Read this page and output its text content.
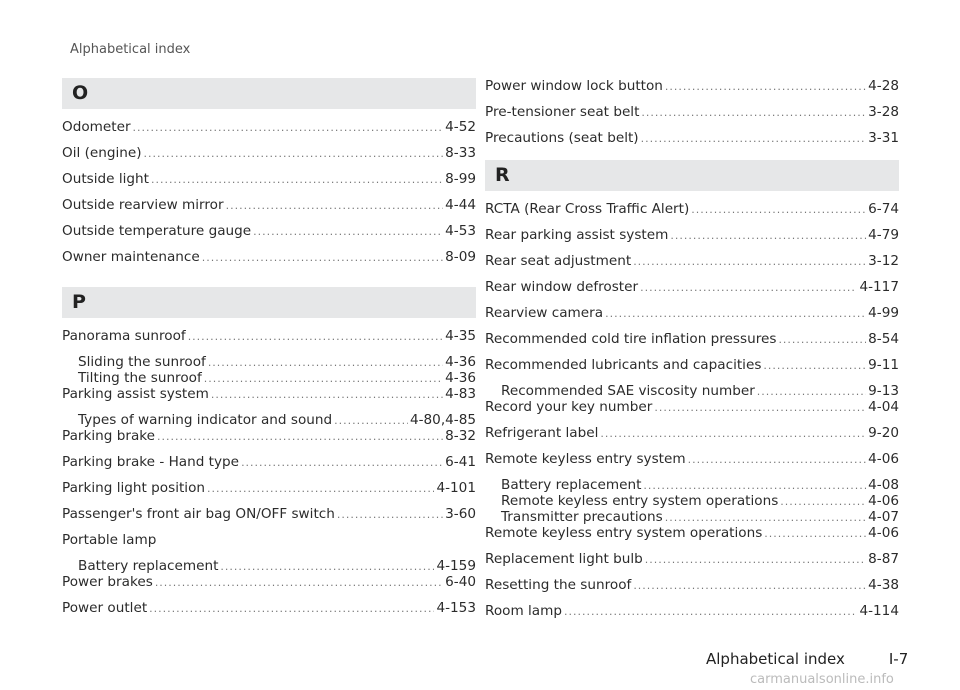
Alphabetical index
O
Odometer .....	4-52
Oil (engine) .....	8-33
Outside light .....	8-99
Outside rearview mirror .....	4-44
Outside temperature gauge .....	4-53
Owner maintenance .....	8-09
P
Panorama sunroof .....	4-35
Sliding the sunroof .....	4-36
Tilting the sunroof .....	4-36
Parking assist system .....	4-83
Types of warning indicator and sound .....	4-80,4-85
Parking brake .....	8-32
Parking brake - Hand type .....	6-41
Parking light position .....	4-101
Passenger's front air bag ON/OFF switch .....	3-60
Portable lamp
Battery replacement .....	4-159
Power brakes .....	6-40
Power outlet .....	4-153
Power window lock button .....	4-28
Pre-tensioner seat belt .....	3-28
Precautions (seat belt) .....	3-31
R
RCTA (Rear Cross Traffic Alert) .....	6-74
Rear parking assist system .....	4-79
Rear seat adjustment .....	3-12
Rear window defroster .....	4-117
Rearview camera .....	4-99
Recommended cold tire inflation pressures .....	8-54
Recommended lubricants and capacities .....	9-11
Recommended SAE viscosity number .....	9-13
Record your key number .....	4-04
Refrigerant label .....	9-20
Remote keyless entry system .....	4-06
Battery replacement .....	4-08
Remote keyless entry system operations .....	4-06
Transmitter precautions .....	4-07
Remote keyless entry system operations .....	4-06
Replacement light bulb .....	8-87
Resetting the sunroof .....	4-38
Room lamp .....	4-114
Alphabetical index	I-7
carmanualsonline.info
